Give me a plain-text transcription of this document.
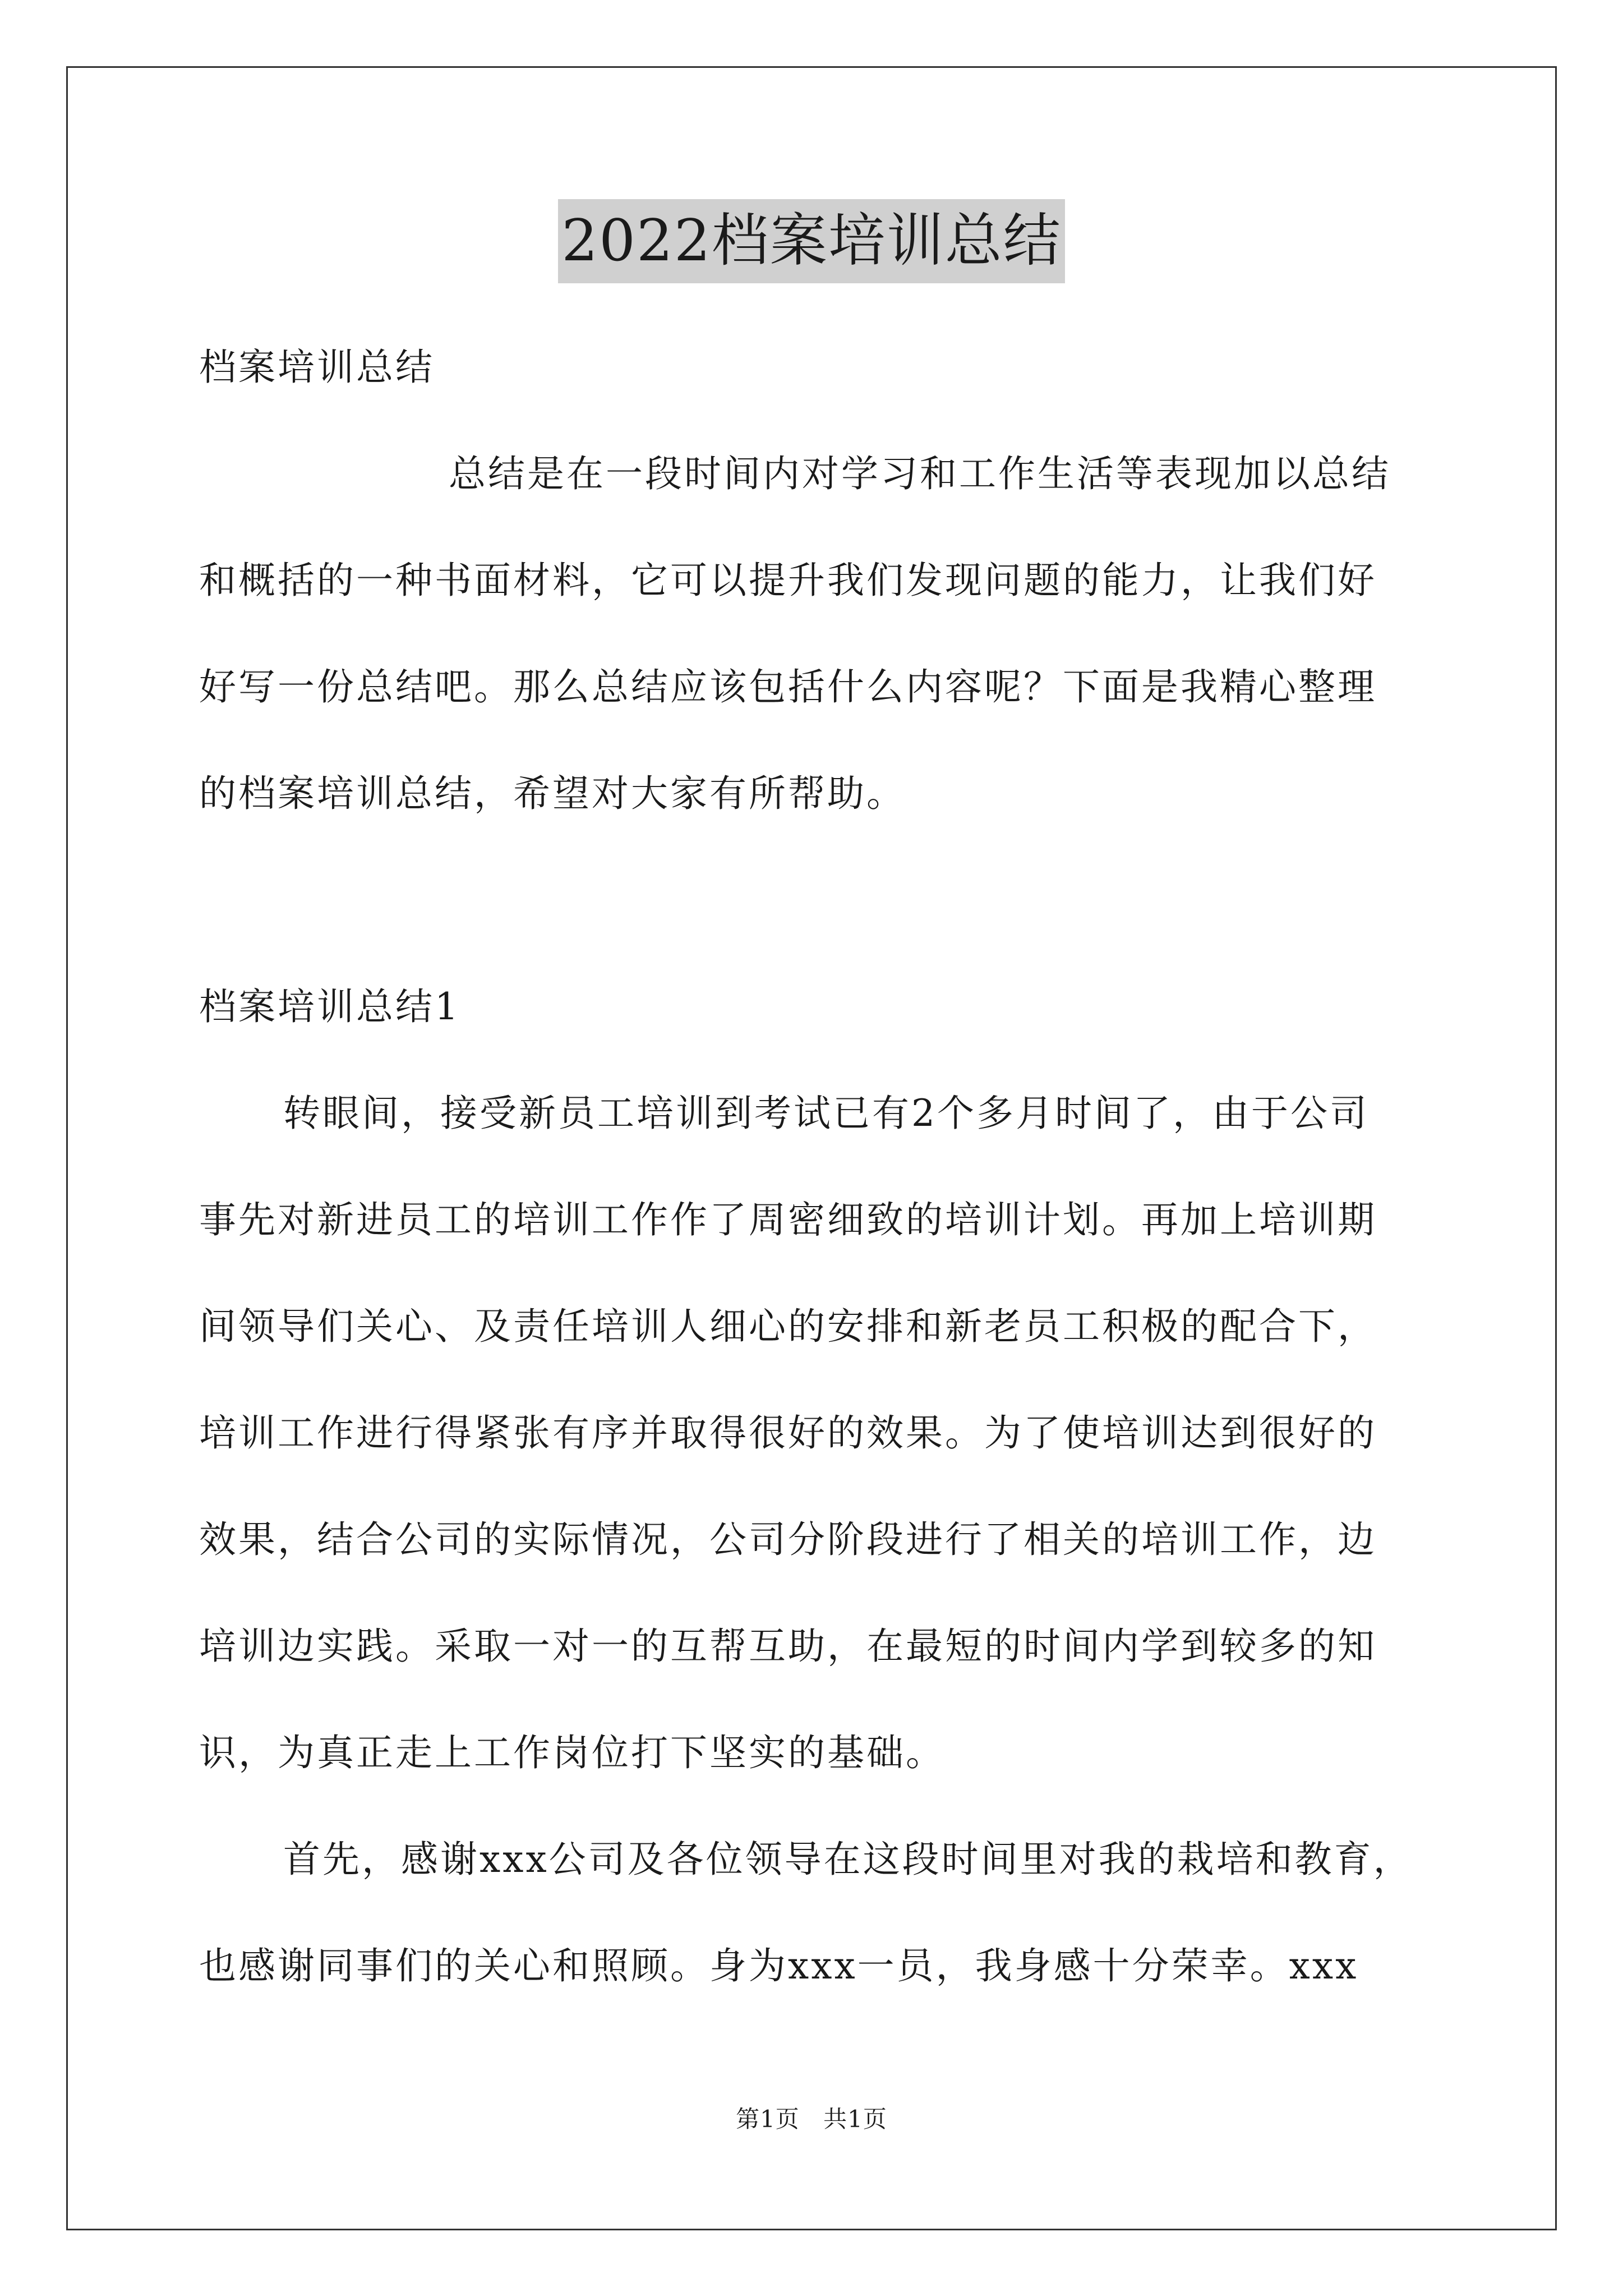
2022档案培训总结
档案培训总结
总结是在一段时间内对学习和工作生活等表现加以总结
和概括的一种书面材料，它可以提升我们发现问题的能力，让我们好
好写一份总结吧。那么总结应该包括什么内容呢？下面是我精心整理
的档案培训总结，希望对大家有所帮助。
档案培训总结1
转眼间，接受新员工培训到考试已有2个多月时间了，由于公司
事先对新进员工的培训工作作了周密细致的培训计划。再加上培训期
间领导们关心、及责任培训人细心的安排和新老员工积极的配合下，
培训工作进行得紧张有序并取得很好的效果。为了使培训达到很好的
效果，结合公司的实际情况，公司分阶段进行了相关的培训工作，边
培训边实践。采取一对一的互帮互助，在最短的时间内学到较多的知
识，为真正走上工作岗位打下坚实的基础。
首先，感谢xxx公司及各位领导在这段时间里对我的栽培和教育，
也感谢同事们的关心和照顾。身为xxx一员，我身感十分荣幸。xxx
第1页 共1页
